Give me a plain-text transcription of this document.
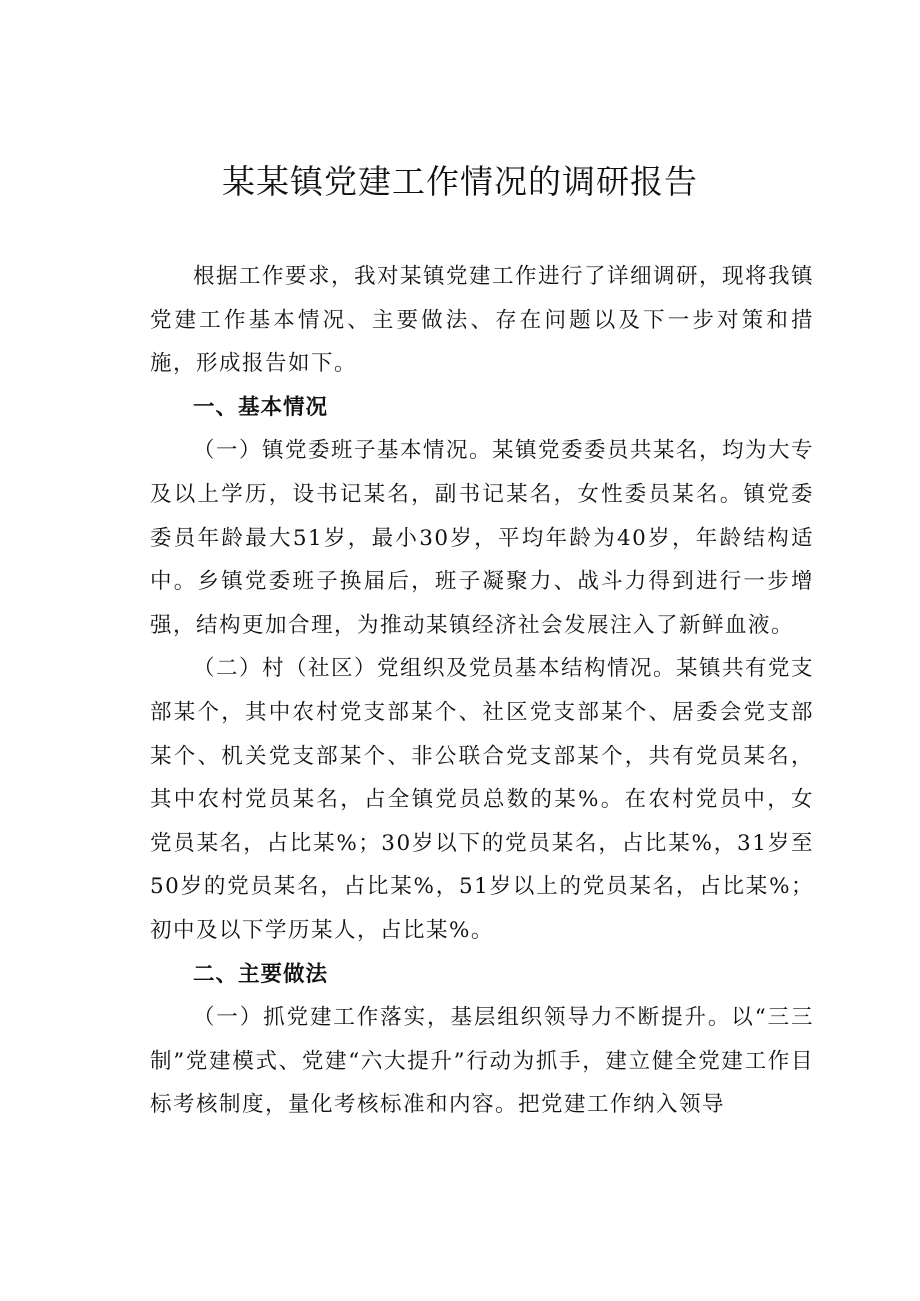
某某镇党建工作情况的调研报告

根据工作要求，我对某镇党建工作进行了详细调研，现将我镇党建工作基本情况、主要做法、存在问题以及下一步对策和措施，形成报告如下。

一、基本情况

（一）镇党委班子基本情况。某镇党委委员共某名，均为大专及以上学历，设书记某名，副书记某名，女性委员某名。镇党委委员年龄最大51岁，最小30岁，平均年龄为40岁，年龄结构适中。乡镇党委班子换届后，班子凝聚力、战斗力得到进行一步增强，结构更加合理，为推动某镇经济社会发展注入了新鲜血液。

（二）村（社区）党组织及党员基本结构情况。某镇共有党支部某个，其中农村党支部某个、社区党支部某个、居委会党支部某个、机关党支部某个、非公联合党支部某个，共有党员某名，其中农村党员某名，占全镇党员总数的某%。在农村党员中，女党员某名，占比某%；30岁以下的党员某名，占比某%，31岁至50岁的党员某名，占比某%，51岁以上的党员某名，占比某%；初中及以下学历某人，占比某%。

二、主要做法

（一）抓党建工作落实，基层组织领导力不断提升。以“三三制”党建模式、党建“六大提升”行动为抓手，建立健全党建工作目标考核制度，量化考核标准和内容。把党建工作纳入领导
